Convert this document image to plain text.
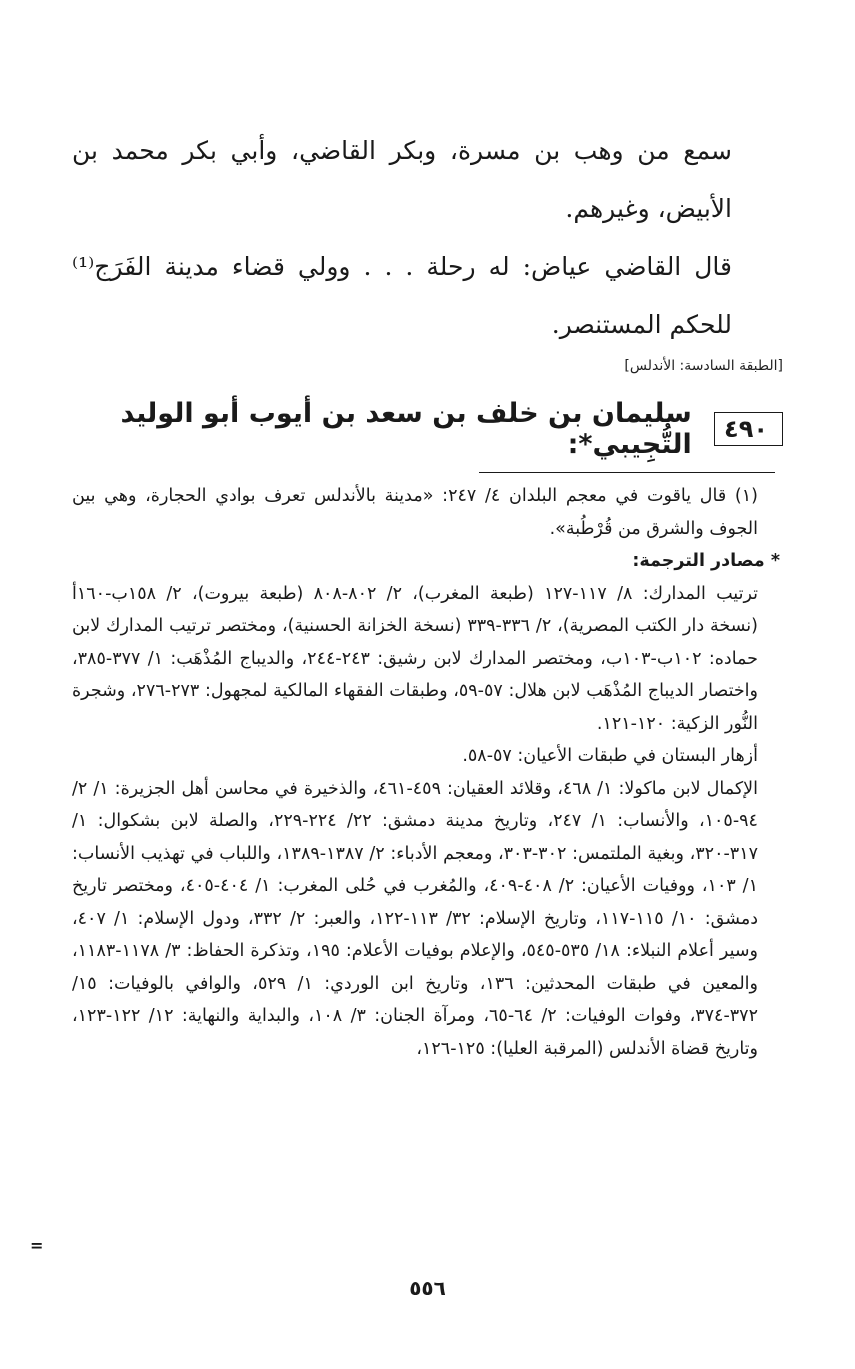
سمع من وهب بن مسرة، وبكر القاضي، وأبي بكر محمد بن الأبيض، وغيرهم.

قال القاضي عياض: له رحلة . . . وولي قضاء مدينة الفَرَج⁽¹⁾ للحكم المستنصر.

[الطبقة السادسة: الأندلس]
٤٩٠
سليمان بن خلف بن سعد بن أيوب أبو الوليد التُّجِيبي*:

(١) قال ياقوت في معجم البلدان ٤/ ٢٤٧: «مدينة بالأندلس تعرف بوادي الحجارة، وهي بين الجوف والشرق من قُرْطُبة».

* مصادر الترجمة:

ترتيب المدارك: ٨/ ١١٧-١٢٧ (طبعة المغرب)، ٢/ ٨٠٢-٨٠٨ (طبعة بيروت)، ٢/ ١٥٨ب-١٦٠أ (نسخة دار الكتب المصرية)، ٢/ ٣٣٦-٣٣٩ (نسخة الخزانة الحسنية)، ومختصر ترتيب المدارك لابن حماده: ١٠٢ب-١٠٣ب، ومختصر المدارك لابن رشيق: ٢٤٣-٢٤٤، والديباج المُذْهَب: ١/ ٣٧٧-٣٨٥، واختصار الديباج المُذْهَب لابن هلال: ٥٧-٥٩، وطبقات الفقهاء المالكية لمجهول: ٢٧٣-٢٧٦، وشجرة النُّور الزكية: ١٢٠-١٢١.

أزهار البستان في طبقات الأعيان: ٥٧-٥٨.

الإكمال لابن ماكولا: ١/ ٤٦٨، وقلائد العقيان: ٤٥٩-٤٦١، والذخيرة في محاسن أهل الجزيرة: ١/ ٢/ ٩٤-١٠٥، والأنساب: ١/ ٢٤٧، وتاريخ مدينة دمشق: ٢٢/ ٢٢٤-٢٢٩، والصلة لابن بشكوال: ١/ ٣١٧-٣٢٠، وبغية الملتمس: ٣٠٢-٣٠٣، ومعجم الأدباء: ٢/ ١٣٨٧-١٣٨٩، واللباب في تهذيب الأنساب: ١/ ١٠٣، ووفيات الأعيان: ٢/ ٤٠٨-٤٠٩، والمُغرب في حُلى المغرب: ١/ ٤٠٤-٤٠٥، ومختصر تاريخ دمشق: ١٠/ ١١٥-١١٧، وتاريخ الإسلام: ٣٢/ ١١٣-١٢٢، والعبر: ٢/ ٣٣٢، ودول الإسلام: ١/ ٤٠٧، وسير أعلام النبلاء: ١٨/ ٥٣٥-٥٤٥، والإعلام بوفيات الأعلام: ١٩٥، وتذكرة الحفاظ: ٣/ ١١٧٨-١١٨٣، والمعين في طبقات المحدثين: ١٣٦، وتاريخ ابن الوردي: ١/ ٥٢٩، والوافي بالوفيات: ١٥/ ٣٧٢-٣٧٤، وفوات الوفيات: ٢/ ٦٤-٦٥، ومرآة الجنان: ٣/ ١٠٨، والبداية والنهاية: ١٢/ ١٢٢-١٢٣، وتاريخ قضاة الأندلس (المرقبة العليا): ١٢٥-١٢٦،

=
٥٥٦
